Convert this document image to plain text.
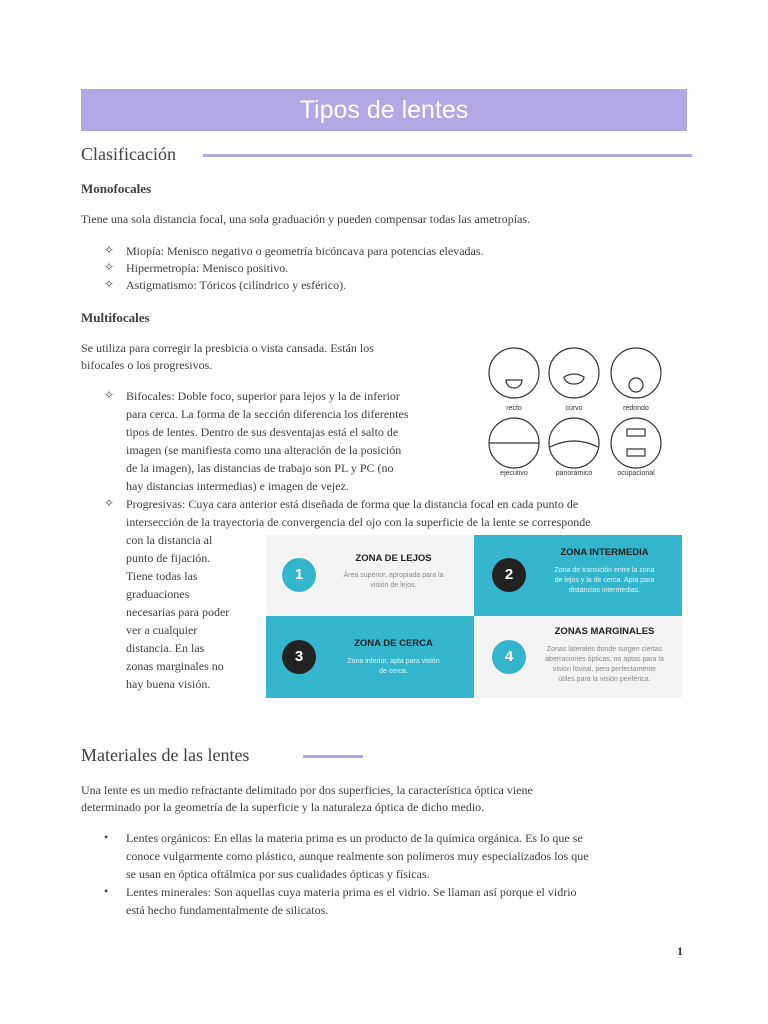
Tipos de lentes
Clasificación
Monofocales
Tiene una sola distancia focal, una sola graduación y pueden compensar todas las ametropías.
✧ Miopía: Menisco negativo o geometría bicóncava para potencias elevadas.
✧ Hipermetropía: Menisco positivo.
✧ Astigmatismo: Tóricos (cilíndrico y esférico).
Multifocales
Se utiliza para corregir la presbicia o vista cansada. Están los
bifocales o los progresivos.
✧ Bifocales: Doble foco, superior para lejos y la de inferior
para cerca. La forma de la sección diferencia los diferentes
tipos de lentes. Dentro de sus desventajas está el salto de
imagen (se manifiesta como una alteración de la posición
de la imagen), las distancias de trabajo son PL y PC (no
hay distancias intermedias) e imagen de vejez.
recto	curvo	redondo
ejecutivo	panorámico	ocupacional
✧ Progresivas: Cuya cara anterior está diseñada de forma que la distancia focal en cada punto de
intersección de la trayectoria de convergencia del ojo con la superficie de la lente se corresponde
con la distancia al
punto de fijación.
Tiene todas las
graduaciones
necesarias para poder
ver a cualquier
distancia. En las
zonas marginales no
hay buena visión.
1
ZONA DE LEJOS
Área superior, apropiada para la
visión de lejos.
2
ZONA INTERMEDIA
Zona de transición entre la zona
de lejos y la de cerca. Apta para
distancias intermedias.
3
ZONA DE CERCA
Zona inferior, apta para visión
de cerca.
4
ZONAS MARGINALES
Zonas laterales donde surgen ciertas
aberraciones ópticas, no aptas para la
visión foveal, pero perfectamente
útiles para la visión periférica.
Materiales de las lentes
Una lente es un medio refractante delimitado por dos superficies, la característica óptica viene
determinado por la geometría de la superficie y la naturaleza óptica de dicho medio.
• Lentes orgánicos: En ellas la materia prima es un producto de la química orgánica. Es lo que se
conoce vulgarmente como plástico, aunque realmente son polímeros muy especializados los que
se usan en óptica oftálmica por sus cualidades ópticas y físicas.
• Lentes minerales: Son aquellas cuya materia prima es el vidrio. Se llaman así porque el vidrio
está hecho fundamentalmente de silicatos.
1
